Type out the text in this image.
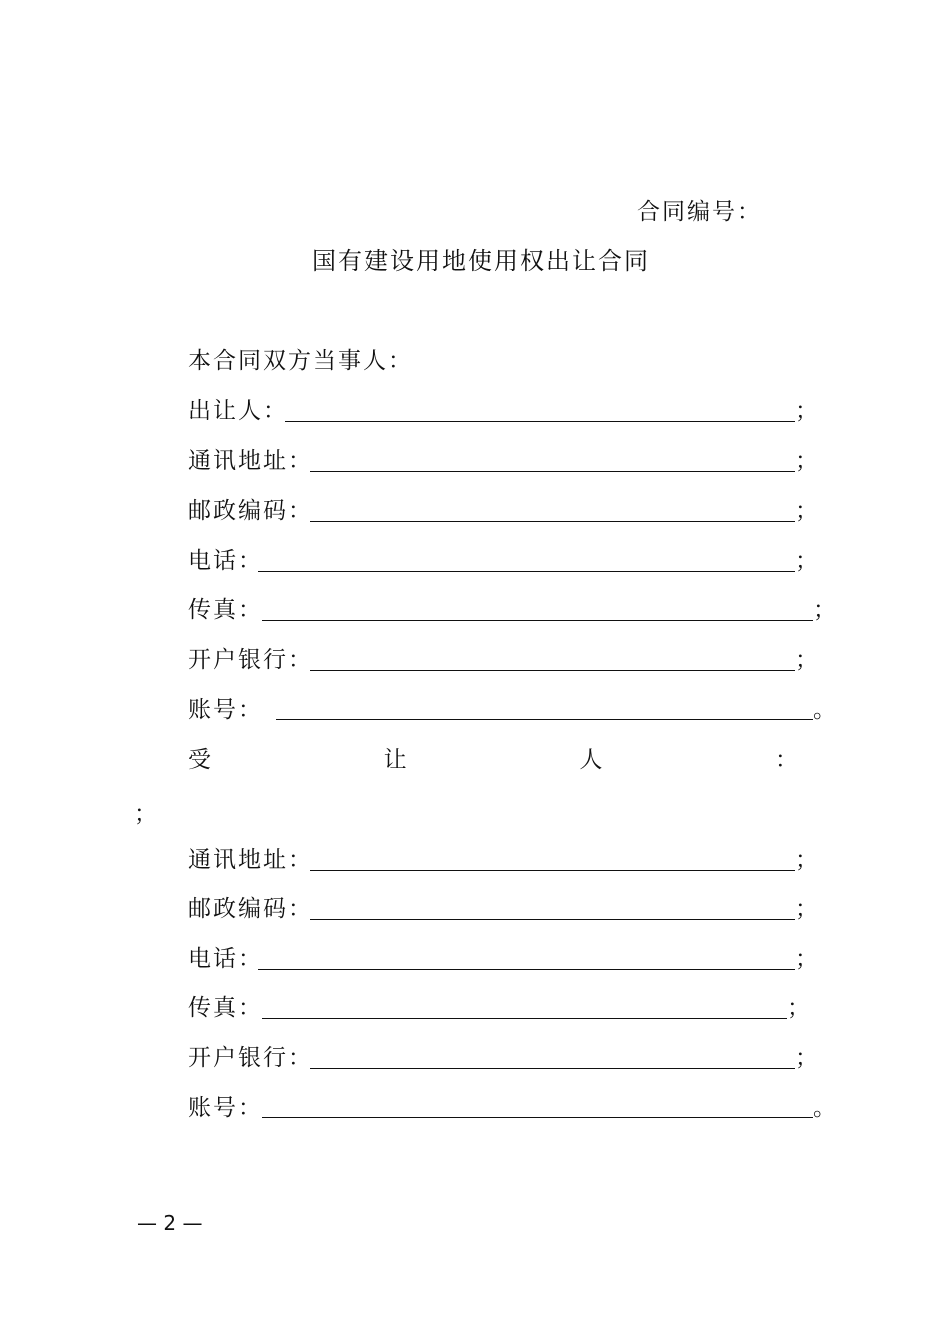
合同编号：
国有建设用地使用权出让合同
本合同双方当事人：
出让人：	；
通讯地址：	；
邮政编码：	；
电话：	；
传真：	；
开户银行：	；
账号：	。
受	让	人	：
；
通讯地址：	；
邮政编码：	；
电话：	；
传真：	；
开户银行：	；
账号：	。
— 2 —
